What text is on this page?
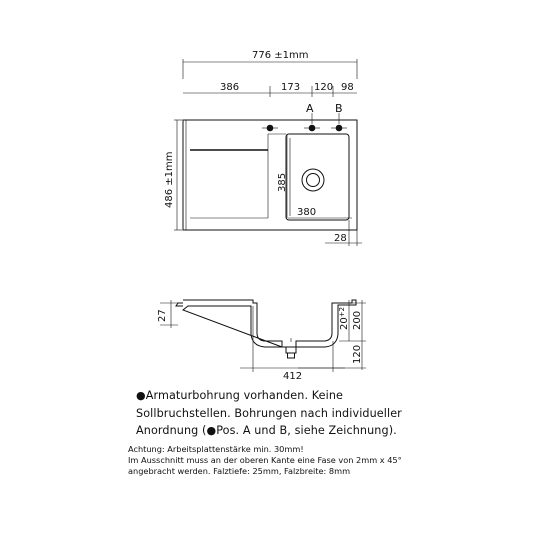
776 ±1mm
386	173 120 98
A B
486 ±1mm	385
380
28
27
412
$20^{+2}$ 200
120

●Armaturbohrung vorhanden. Keine

Sollbruchstellen. Bohrungen nach individueller

Anordnung (●Pos. A und B, siehe Zeichnung).

Achtung: Arbeitsplattenstärke min. 30mm!

Im Ausschnitt muss an der oberen Kante eine Fase von 2mm x 45°

angebracht werden. Falztiefe: 25mm, Falzbreite: 8mm
